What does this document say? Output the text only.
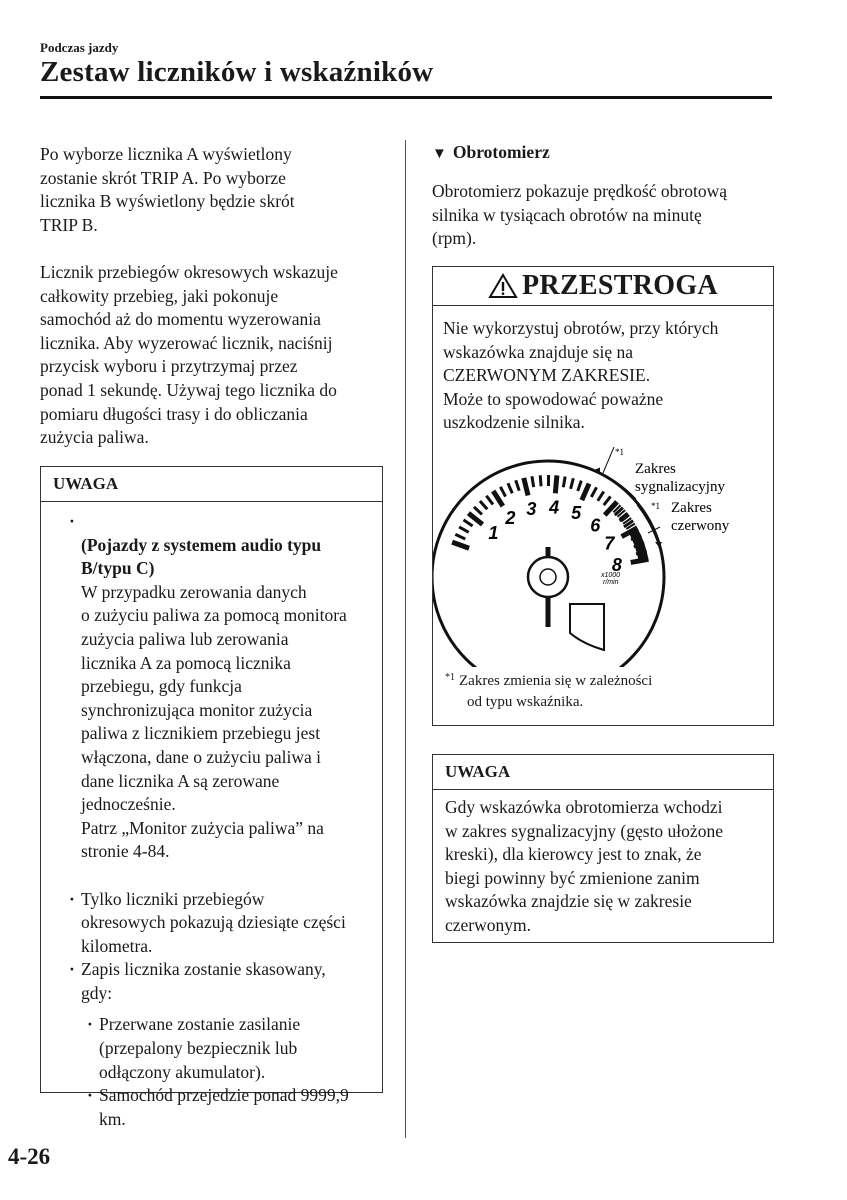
Podczas jazdy
Zestaw liczników i wskaźników
Po wyborze licznika A wyświetlony
zostanie skrót TRIP A. Po wyborze
licznika B wyświetlony będzie skrót
TRIP B.
Licznik przebiegów okresowych wskazuje
całkowity przebieg, jaki pokonuje
samochód aż do momentu wyzerowania
licznika. Aby wyzerować licznik, naciśnij
przycisk wyboru i przytrzymaj przez
ponad 1 sekundę. Używaj tego licznika do
pomiaru długości trasy i do obliczania
zużycia paliwa.
UWAGA

· (Pojazdy z systemem audio typu
B/typu C)

W przypadku zerowania danych
o zużyciu paliwa za pomocą monitora
zużycia paliwa lub zerowania
licznika A za pomocą licznika
przebiegu, gdy funkcja
synchronizująca monitor zużycia
paliwa z licznikiem przebiegu jest
włączona, dane o zużyciu paliwa i
dane licznika A są zerowane
jednocześnie.
Patrz „Monitor zużycia paliwa” na
stronie 4-84.

· Tylko liczniki przebiegów
okresowych pokazują dziesiąte części
kilometra.
· Zapis licznika zostanie skasowany,
gdy:
· Przerwane zostanie zasilanie
(przepalony bezpiecznik lub
odłączony akumulator).
· Samochód przejedzie ponad 9999,9
km.
▼ Obrotomierz
Obrotomierz pokazuje prędkość obrotową
silnika w tysiącach obrotów na minutę
(rpm).
PRZESTROGA
Nie wykorzystuj obrotów, przy których
wskazówka znajduje się na
CZERWONYM ZAKRESIE.
Może to spowodować poważne
uszkodzenie silnika.
1
2 3 4 5
6
7
8
x1000
r/min
*1
Zakres sygnalizacyjny
*1 Zakres czerwony
$^{*1}$ Zakres zmienia się w zależności
od typu wskaźnika.
UWAGA

Gdy wskazówka obrotomierza wchodzi
w zakres sygnalizacyjny (gęsto ułożone
kreski), dla kierowcy jest to znak, że
biegi powinny być zmienione zanim
wskazówka znajdzie się w zakresie
czerwonym.

4-26
